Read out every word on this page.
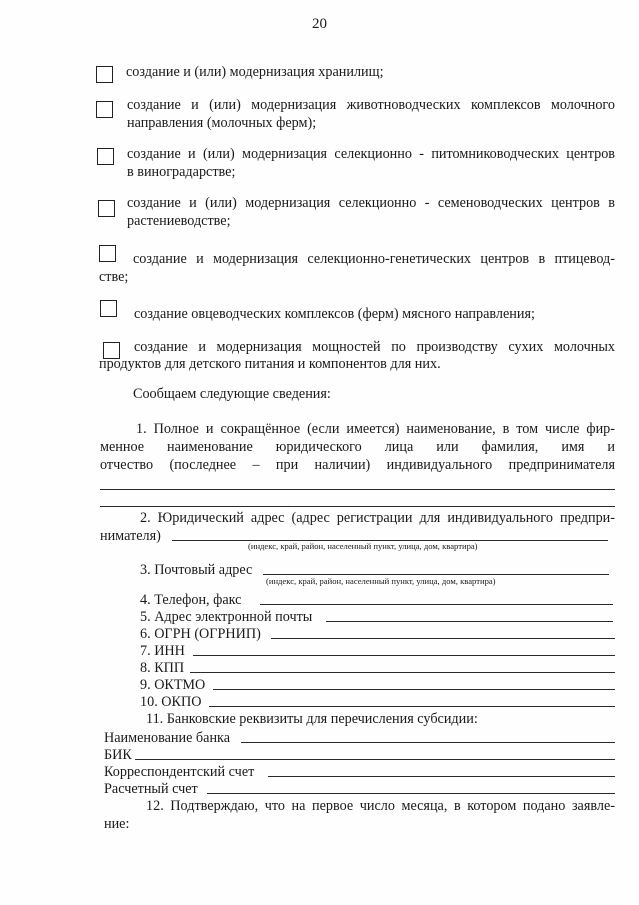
20
создание и (или) модернизация хранилищ;
создание и (или) модернизация животноводческих комплексов молочного
направления (молочных ферм);
создание и (или) модернизация селекционно - питомниководческих центров
в виноградарстве;
создание и (или) модернизация селекционно - семеноводческих центров в
растениеводстве;
создание и модернизация селекционно-генетических центров в птицевод-
стве;
создание овцеводческих комплексов (ферм) мясного направления;
создание и модернизация мощностей по производству сухих молочных
продуктов для детского питания и компонентов для них.
Сообщаем следующие сведения:
1. Полное и сокращённое (если имеется) наименование, в том числе фир-
менное наименование юридического лица или фамилия, имя и
отчество (последнее – при наличии) индивидуального предпринимателя
2. Юридический адрес (адрес регистрации для индивидуального предпри-
нимателя)
(индекс, край, район, населенный пункт, улица, дом, квартира)
3. Почтовый адрес
(индекс, край, район, населенный пункт, улица, дом, квартира)
4. Телефон, факс
5. Адрес электронной почты
6. ОГРН (ОГРНИП)
7. ИНН
8. КПП
9. ОКТМО
10. ОКПО
11. Банковские реквизиты для перечисления субсидии:
Наименование банка
БИК
Корреспондентский счет
Расчетный счет
12. Подтверждаю, что на первое число месяца, в котором подано заявле-
ние:
